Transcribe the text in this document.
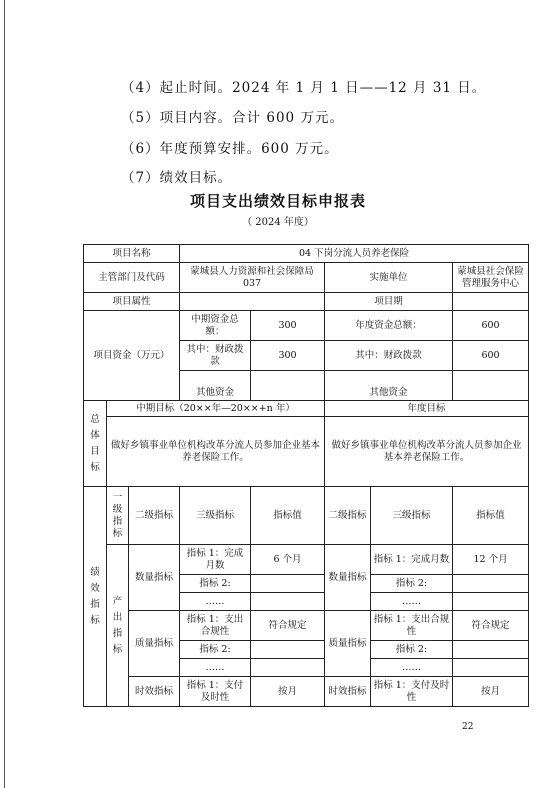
（4）起止时间。2024 年 1 月 1 日——12 月 31 日。
（5）项目内容。合计 600 万元。
（6）年度预算安排。600 万元。
（7）绩效目标。
项目支出绩效目标申报表
（ 2024 年度）
项目名称			04 下岗分流人员养老保险				
主管部门及代码			蒙城县人力资源和社会保障局 037		实施单位		蒙城县社会保险管理服务中心
项目属性					项目期		
项目资金（万元）			中期资金总额：	300	年度资金总额：		600
			其中：财政拨款	300	其中：财政拨款		600
			其他资金		其他资金		
总体目标	中期目标（20××年—20××+n 年）				年度目标		
	做好乡镇事业单位机构改革分流人员参加企业基本养老保险工作。				做好乡镇事业单位机构改革分流人员参加企业基本养老保险工作。		
绩效指标	一级指标	二级指标	三级指标	指标值	二级指标	三级指标	指标值
	产出指标	数量指标	指标 1：完成月数	6 个月	数量指标	指标 1：完成月数	12 个月
			指标 2:			指标 2:	
			……			……	
		质量指标	指标 1：支出合规性	符合规定	质量指标	指标 1：支出合规性	符合规定
			指标 2:			指标 2:	
			……			……	
		时效指标	指标 1：支付及时性	按月	时效指标	指标 1：支付及时性	按月
22
